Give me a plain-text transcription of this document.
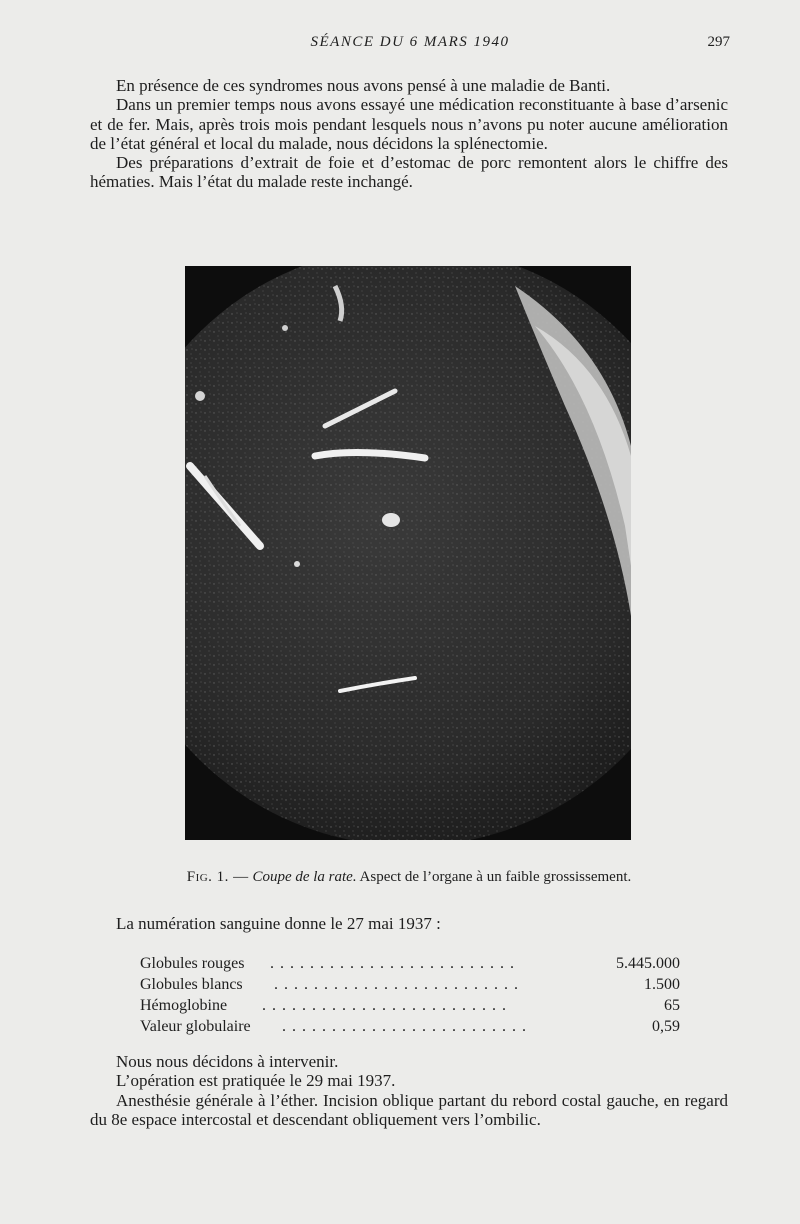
SÉANCE DU 6 MARS 1940	297

En présence de ces syndromes nous avons pensé à une maladie de Banti.

Dans un premier temps nous avons essayé une médication reconstituante à base d’arsenic et de fer. Mais, après trois mois pendant lesquels nous n’avons pu noter aucune amélioration de l’état général et local du malade, nous décidons la splénectomie.

Des préparations d’extrait de foie et d’estomac de porc remontent alors le chiffre des hématies. Mais l’état du malade reste inchangé.

Fig. 1. — Coupe de la rate. Aspect de l’organe à un faible grossissement.
La numération sanguine donne le 27 mai 1937 :
Globules rouges . . .	5.445.000
Globules blancs . . .	1.500
Hémoglobine . . .	65
Valeur globulaire . . .	0,59

Nous nous décidons à intervenir.

L’opération est pratiquée le 29 mai 1937.

Anesthésie générale à l’éther. Incision oblique partant du rebord costal gauche, en regard du 8e espace intercostal et descendant obliquement vers l’ombilic.
